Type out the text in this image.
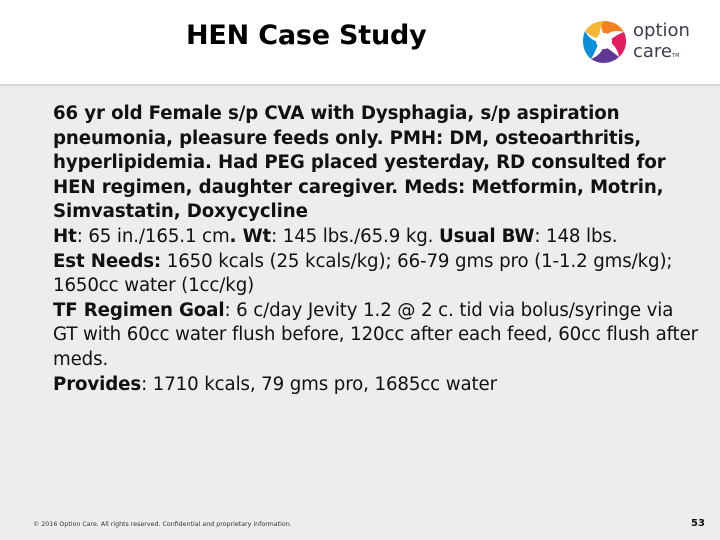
HEN Case Study	option
careTM

66 yr old Female s/p CVA with Dysphagia, s/p aspiration pneumonia, pleasure feeds only. PMH: DM, osteoarthritis, hyperlipidemia. Had PEG placed yesterday, RD consulted for HEN regimen, daughter caregiver. Meds: Metformin, Motrin, Simvastatin, Doxycycline

Ht: 65 in./165.1 cm. Wt: 145 lbs./65.9 kg. Usual BW: 148 lbs.

Est Needs: 1650 kcals (25 kcals/kg); 66-79 gms pro (1-1.2 gms/kg); 1650cc water (1cc/kg)

TF Regimen Goal: 6 c/day Jevity 1.2 @ 2 c. tid via bolus/syringe via GT with 60cc water flush before, 120cc after each feed, 60cc flush after meds.

Provides: 1710 kcals, 79 gms pro, 1685cc water

© 2016 Option Care. All rights reserved. Confidential and proprietary information.	53
